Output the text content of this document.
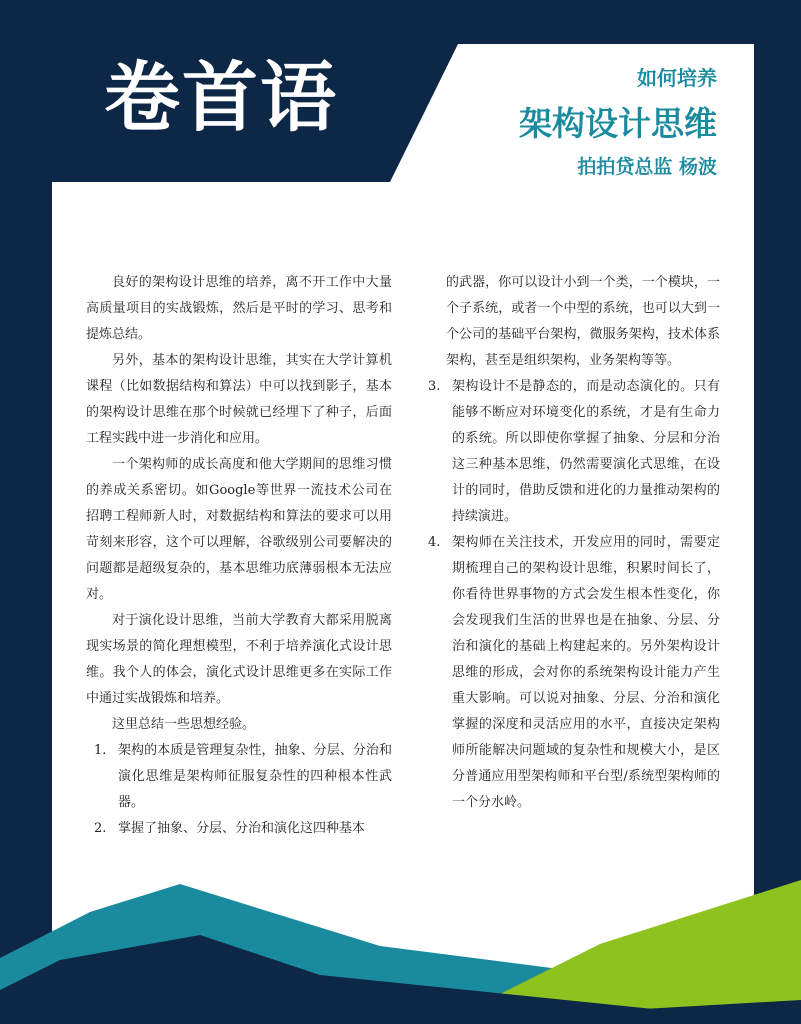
卷首语	如何培养
架构设计思维
拍拍贷总监 杨波

良好的架构设计思维的培养，离不开工作中大量高质量项目的实战锻炼，然后是平时的学习、思考和提炼总结。

另外，基本的架构设计思维，其实在大学计算机课程（比如数据结构和算法）中可以找到影子，基本的架构设计思维在那个时候就已经埋下了种子，后面工程实践中进一步消化和应用。

一个架构师的成长高度和他大学期间的思维习惯的养成关系密切。如Google等世界一流技术公司在招聘工程师新人时，对数据结构和算法的要求可以用苛刻来形容，这个可以理解，谷歌级别公司要解决的问题都是超级复杂的，基本思维功底薄弱根本无法应对。

对于演化设计思维，当前大学教育大都采用脱离现实场景的简化理想模型，不利于培养演化式设计思维。我个人的体会，演化式设计思维更多在实际工作中通过实战锻炼和培养。

这里总结一些思想经验。

1. 架构的本质是管理复杂性，抽象、分层、分治和演化思维是架构师征服复杂性的四种根本性武器。
2. 掌握了抽象、分层、分治和演化这四种基本

的武器，你可以设计小到一个类，一个模块，一个子系统，或者一个中型的系统，也可以大到一个公司的基础平台架构，微服务架构，技术体系架构，甚至是组织架构，业务架构等等。

3. 架构设计不是静态的，而是动态演化的。只有能够不断应对环境变化的系统，才是有生命力的系统。所以即使你掌握了抽象、分层和分治这三种基本思维，仍然需要演化式思维，在设计的同时，借助反馈和进化的力量推动架构的持续演进。
4. 架构师在关注技术，开发应用的同时，需要定期梳理自己的架构设计思维，积累时间长了，你看待世界事物的方式会发生根本性变化，你会发现我们生活的世界也是在抽象、分层、分治和演化的基础上构建起来的。另外架构设计思维的形成，会对你的系统架构设计能力产生重大影响。可以说对抽象、分层、分治和演化掌握的深度和灵活应用的水平，直接决定架构师所能解决问题域的复杂性和规模大小，是区分普通应用型架构师和平台型/系统型架构师的一个分水岭。
